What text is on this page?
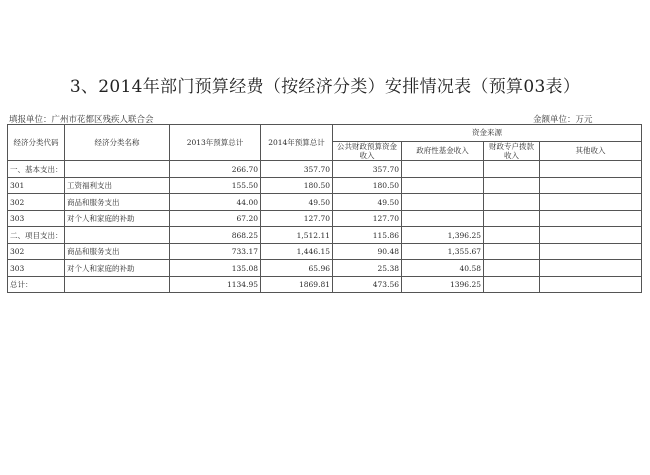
3、2014年部门预算经费（按经济分类）安排情况表（预算03表）
填报单位：广州市花都区残疾人联合会	金额单位：万元
经济分类代码	经济分类名称	2013年预算总计	2014年预算总计	资金来源			
				公共财政预算资金收入	政府性基金收入	财政专户拨款收入	其他收入
一、基本支出：		266.70	357.70	357.70			
301	工资福利支出	155.50	180.50	180.50			
302	商品和服务支出	44.00	49.50	49.50			
303	对个人和家庭的补助	67.20	127.70	127.70			
二、项目支出：		868.25	1,512.11	115.86	1,396.25		
302	商品和服务支出	733.17	1,446.15	90.48	1,355.67		
303	对个人和家庭的补助	135.08	65.96	25.38	40.58		
总计：		1134.95	1869.81	473.56	1396.25		
